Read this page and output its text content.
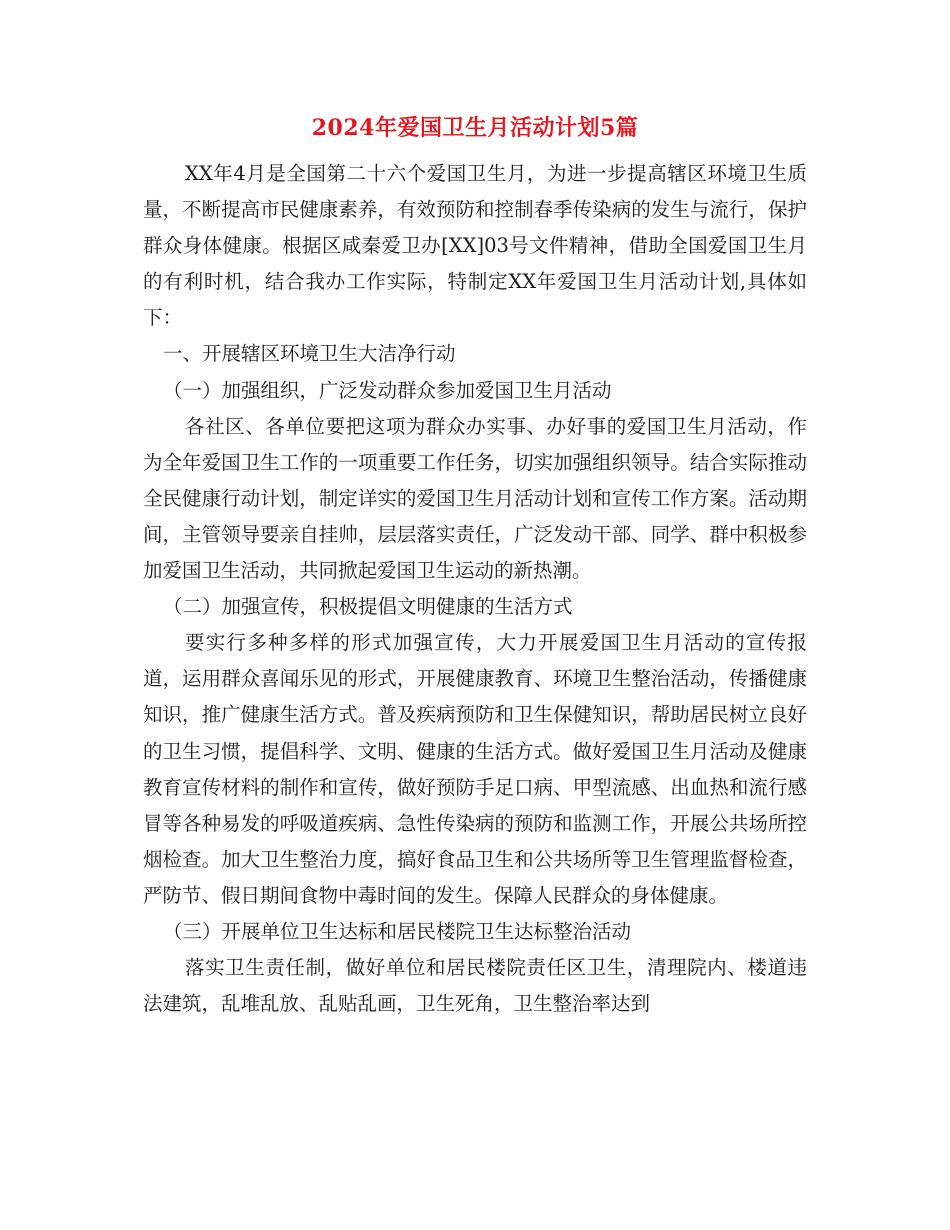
2024年爱国卫生月活动计划5篇

XX年4月是全国第二十六个爱国卫生月，为进一步提高辖区环境卫生质量，不断提高市民健康素养，有效预防和控制春季传染病的发生与流行，保护群众身体健康。根据区咸秦爱卫办[XX]03号文件精神，借助全国爱国卫生月的有利时机，结合我办工作实际，特制定XX年爱国卫生月活动计划,具体如下：

一、开展辖区环境卫生大洁净行动

（一）加强组织，广泛发动群众参加爱国卫生月活动

各社区、各单位要把这项为群众办实事、办好事的爱国卫生月活动，作为全年爱国卫生工作的一项重要工作任务，切实加强组织领导。结合实际推动全民健康行动计划，制定详实的爱国卫生月活动计划和宣传工作方案。活动期间，主管领导要亲自挂帅，层层落实责任，广泛发动干部、同学、群中积极参加爱国卫生活动，共同掀起爱国卫生运动的新热潮。

（二）加强宣传，积极提倡文明健康的生活方式

要实行多种多样的形式加强宣传，大力开展爱国卫生月活动的宣传报道，运用群众喜闻乐见的形式，开展健康教育、环境卫生整治活动，传播健康知识，推广健康生活方式。普及疾病预防和卫生保健知识，帮助居民树立良好的卫生习惯，提倡科学、文明、健康的生活方式。做好爱国卫生月活动及健康教育宣传材料的制作和宣传，做好预防手足口病、甲型流感、出血热和流行感冒等各种易发的呼吸道疾病、急性传染病的预防和监测工作，开展公共场所控烟检查。加大卫生整治力度，搞好食品卫生和公共场所等卫生管理监督检查，严防节、假日期间食物中毒时间的发生。保障人民群众的身体健康。

（三）开展单位卫生达标和居民楼院卫生达标整治活动

落实卫生责任制，做好单位和居民楼院责任区卫生，清理院内、楼道违法建筑，乱堆乱放、乱贴乱画，卫生死角，卫生整治率达到
